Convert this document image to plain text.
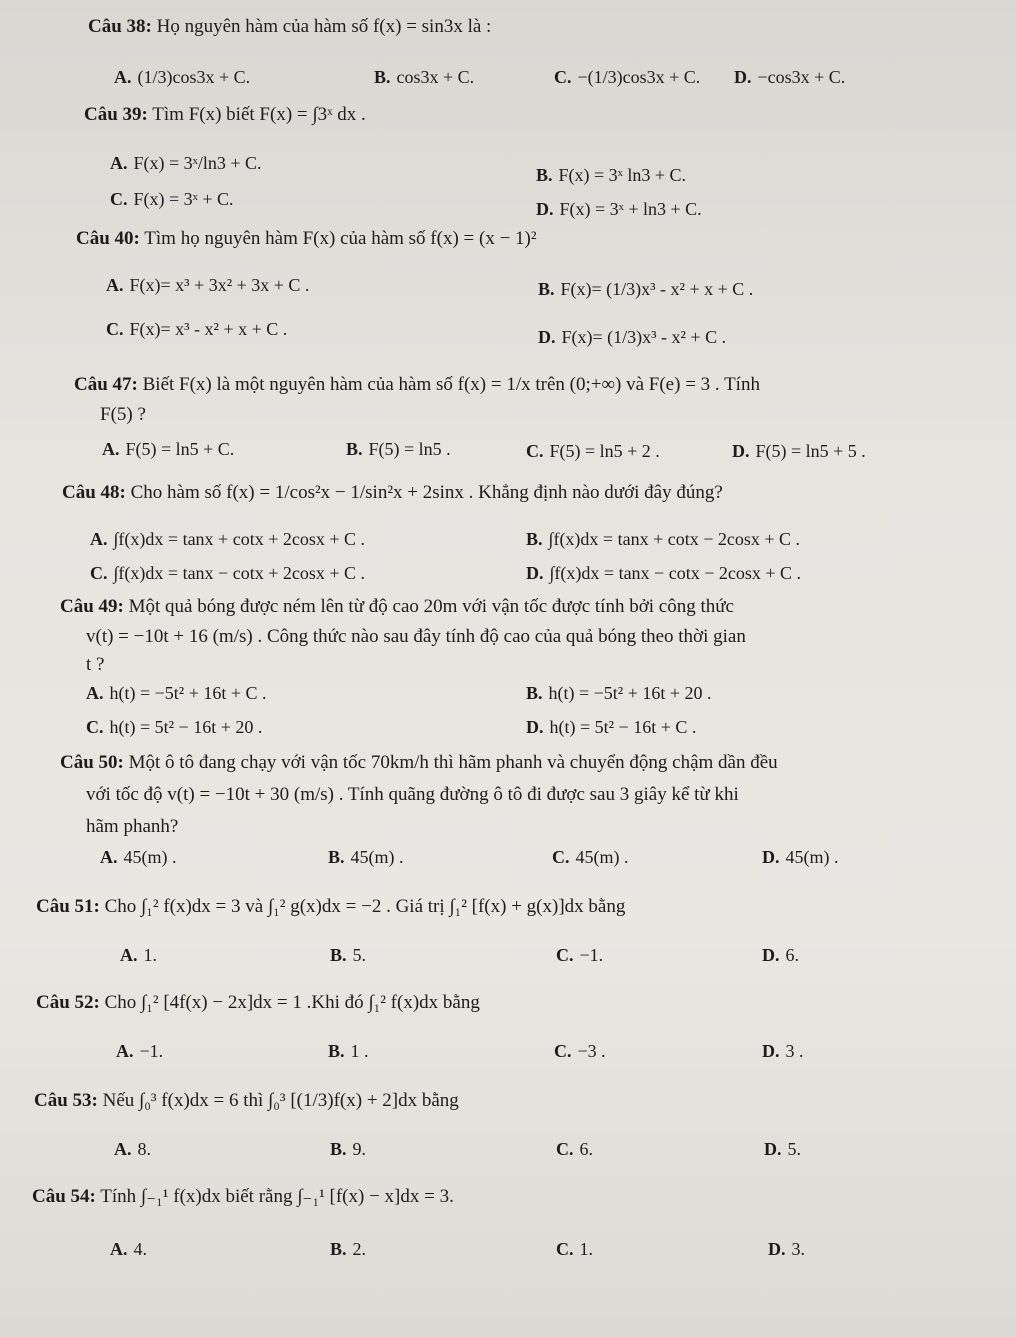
Câu 38: Họ nguyên hàm của hàm số f(x) = sin3x là :
A. (1/3)cos3x + C.	B. cos3x + C.	C. −(1/3)cos3x + C. D. −cos3x + C.
Câu 39: Tìm F(x) biết F(x) = ∫3ˣ dx .
A. F(x) = 3ˣ/ln3 + C.
B. F(x) = 3ˣ ln3 + C.
C. F(x) = 3ˣ + C.	D. F(x) = 3ˣ + ln3 + C.
Câu 40: Tìm họ nguyên hàm F(x) của hàm số f(x) = (x − 1)²
A. F(x)= x³ + 3x² + 3x + C .	B. F(x)= (1/3)x³ - x² + x + C .
C. F(x)= x³ - x² + x + C .	D. F(x)= (1/3)x³ - x² + C .
Câu 47: Biết F(x) là một nguyên hàm của hàm số f(x) = 1/x trên (0;+∞) và F(e) = 3 . Tính
F(5) ?
A. F(5) = ln5 + C.	B. F(5) = ln5 .	C. F(5) = ln5 + 2 .	D. F(5) = ln5 + 5 .
Câu 48: Cho hàm số f(x) = 1/cos²x − 1/sin²x + 2sinx . Khẳng định nào dưới đây đúng?
A. ∫f(x)dx = tanx + cotx + 2cosx + C .	B. ∫f(x)dx = tanx + cotx − 2cosx + C .
C. ∫f(x)dx = tanx − cotx + 2cosx + C .	D. ∫f(x)dx = tanx − cotx − 2cosx + C .
Câu 49: Một quả bóng được ném lên từ độ cao 20m với vận tốc được tính bởi công thức
v(t) = −10t + 16 (m/s) . Công thức nào sau đây tính độ cao của quả bóng theo thời gian
t ?
A. h(t) = −5t² + 16t + C .	B. h(t) = −5t² + 16t + 20 .
C. h(t) = 5t² − 16t + 20 .	D. h(t) = 5t² − 16t + C .
Câu 50: Một ô tô đang chạy với vận tốc 70km/h thì hãm phanh và chuyển động chậm dần đều
với tốc độ v(t) = −10t + 30 (m/s) . Tính quãng đường ô tô đi được sau 3 giây kể từ khi
hãm phanh?
A. 45(m) .	B. 45(m) .	C. 45(m) .	D. 45(m) .
Câu 51: Cho ∫₁² f(x)dx = 3 và ∫₁² g(x)dx = −2 . Giá trị ∫₁² [f(x) + g(x)]dx bằng
A. 1.	B. 5.	C. −1.	D. 6.
Câu 52: Cho ∫₁² [4f(x) − 2x]dx = 1 .Khi đó ∫₁² f(x)dx bằng
A. −1.	B. 1 .	C. −3 .	D. 3 .
Câu 53: Nếu ∫₀³ f(x)dx = 6 thì ∫₀³ [(1/3)f(x) + 2]dx bằng
A. 8.	B. 9.	C. 6.	D. 5.
Câu 54: Tính ∫₋₁¹ f(x)dx biết rằng ∫₋₁¹ [f(x) − x]dx = 3.
A. 4.	B. 2.	C. 1.	D. 3.
